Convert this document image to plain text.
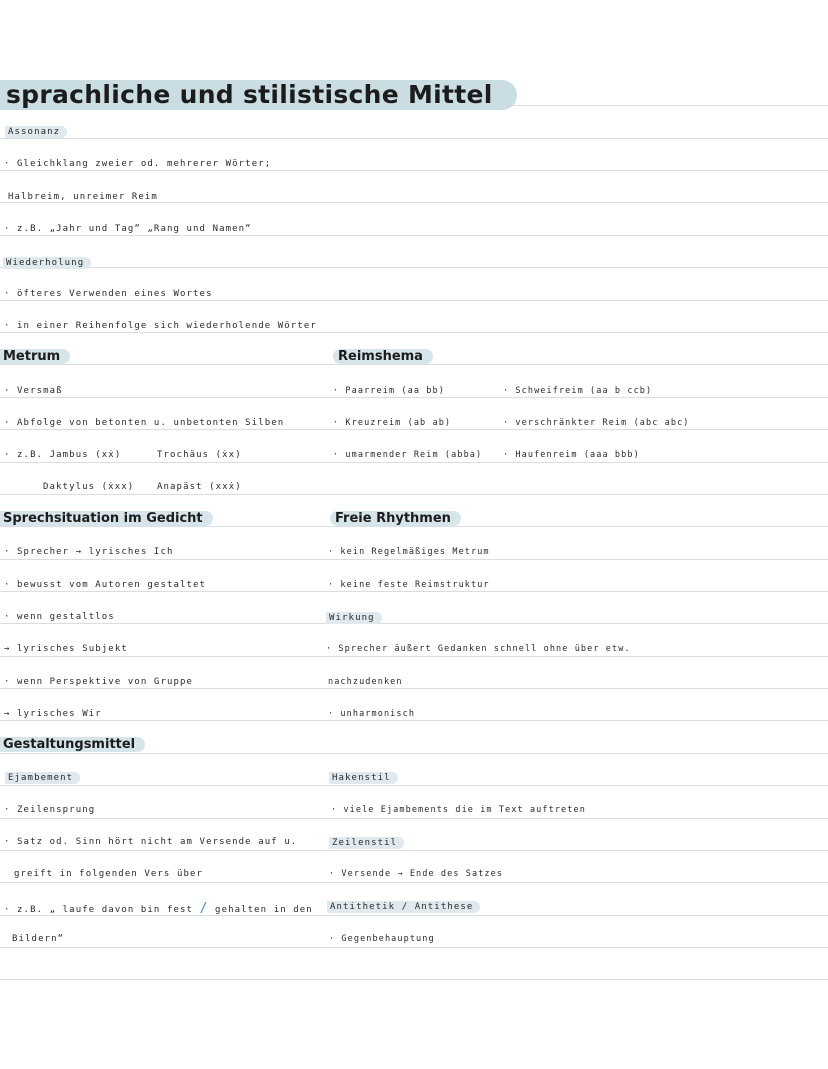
sprachliche und stilistische Mittel
Assonanz
· Gleichklang zweier od. mehrerer Wörter;
Halbreim, unreimer Reim
· z.B. „Jahr und Tag“ „Rang und Namen“
Wiederholung
· öfteres Verwenden eines Wortes
· in einer Reihenfolge sich wiederholende Wörter
Metrum
· Versmaß
· Abfolge von betonten u. unbetonten Silben
· z.B. Jambus (xẋ)	Trochäus (ẋx)
Daktylus (ẋxx)	Anapäst (xxẋ)
Reimshema
· Paarreim (aa bb)	· Schweifreim (aa b ccb)
· Kreuzreim (ab ab)	· verschränkter Reim (abc abc)
· umarmender Reim (abba) · Haufenreim (aaa bbb)
Sprechsituation im Gedicht
· Sprecher → lyrisches Ich
· bewusst vom Autoren gestaltet
· wenn gestaltlos
→ lyrisches Subjekt
· wenn Perspektive von Gruppe
→ lyrisches Wir
Freie Rhythmen
· kein Regelmäßiges Metrum
· keine feste Reimstruktur
Wirkung
· Sprecher äußert Gedanken schnell ohne über etw.
nachzudenken
· unharmonisch
Gestaltungsmittel
Ejambement
· Zeilensprung
· Satz od. Sinn hört nicht am Versende auf u.
greift in folgenden Vers über
· z.B. „ laufe davon bin fest / gehalten in den
Bildern“
Hakenstil
· viele Ejambements die im Text auftreten
Zeilenstil
· Versende → Ende des Satzes
Antithetik / Antithese
· Gegenbehauptung
